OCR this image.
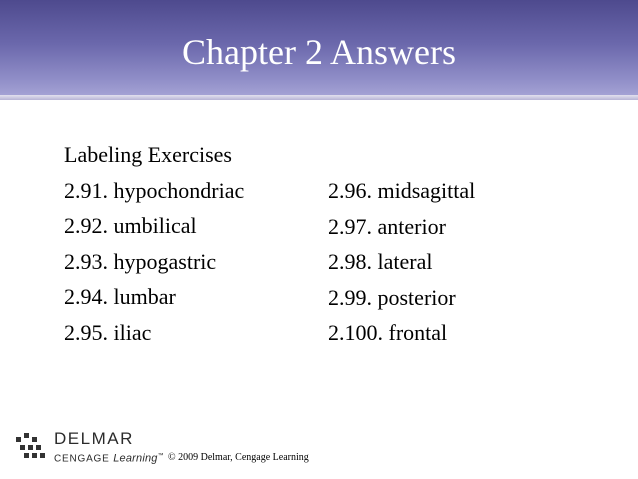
Chapter 2 Answers
Labeling Exercises
2.91. hypochondriac
2.92. umbilical
2.93. hypogastric
2.94. lumbar
2.95. iliac
2.96. midsagittal
2.97. anterior
2.98. lateral
2.99. posterior
2.100. frontal
DELMAR
CENGAGE Learning™ © 2009 Delmar, Cengage Learning
